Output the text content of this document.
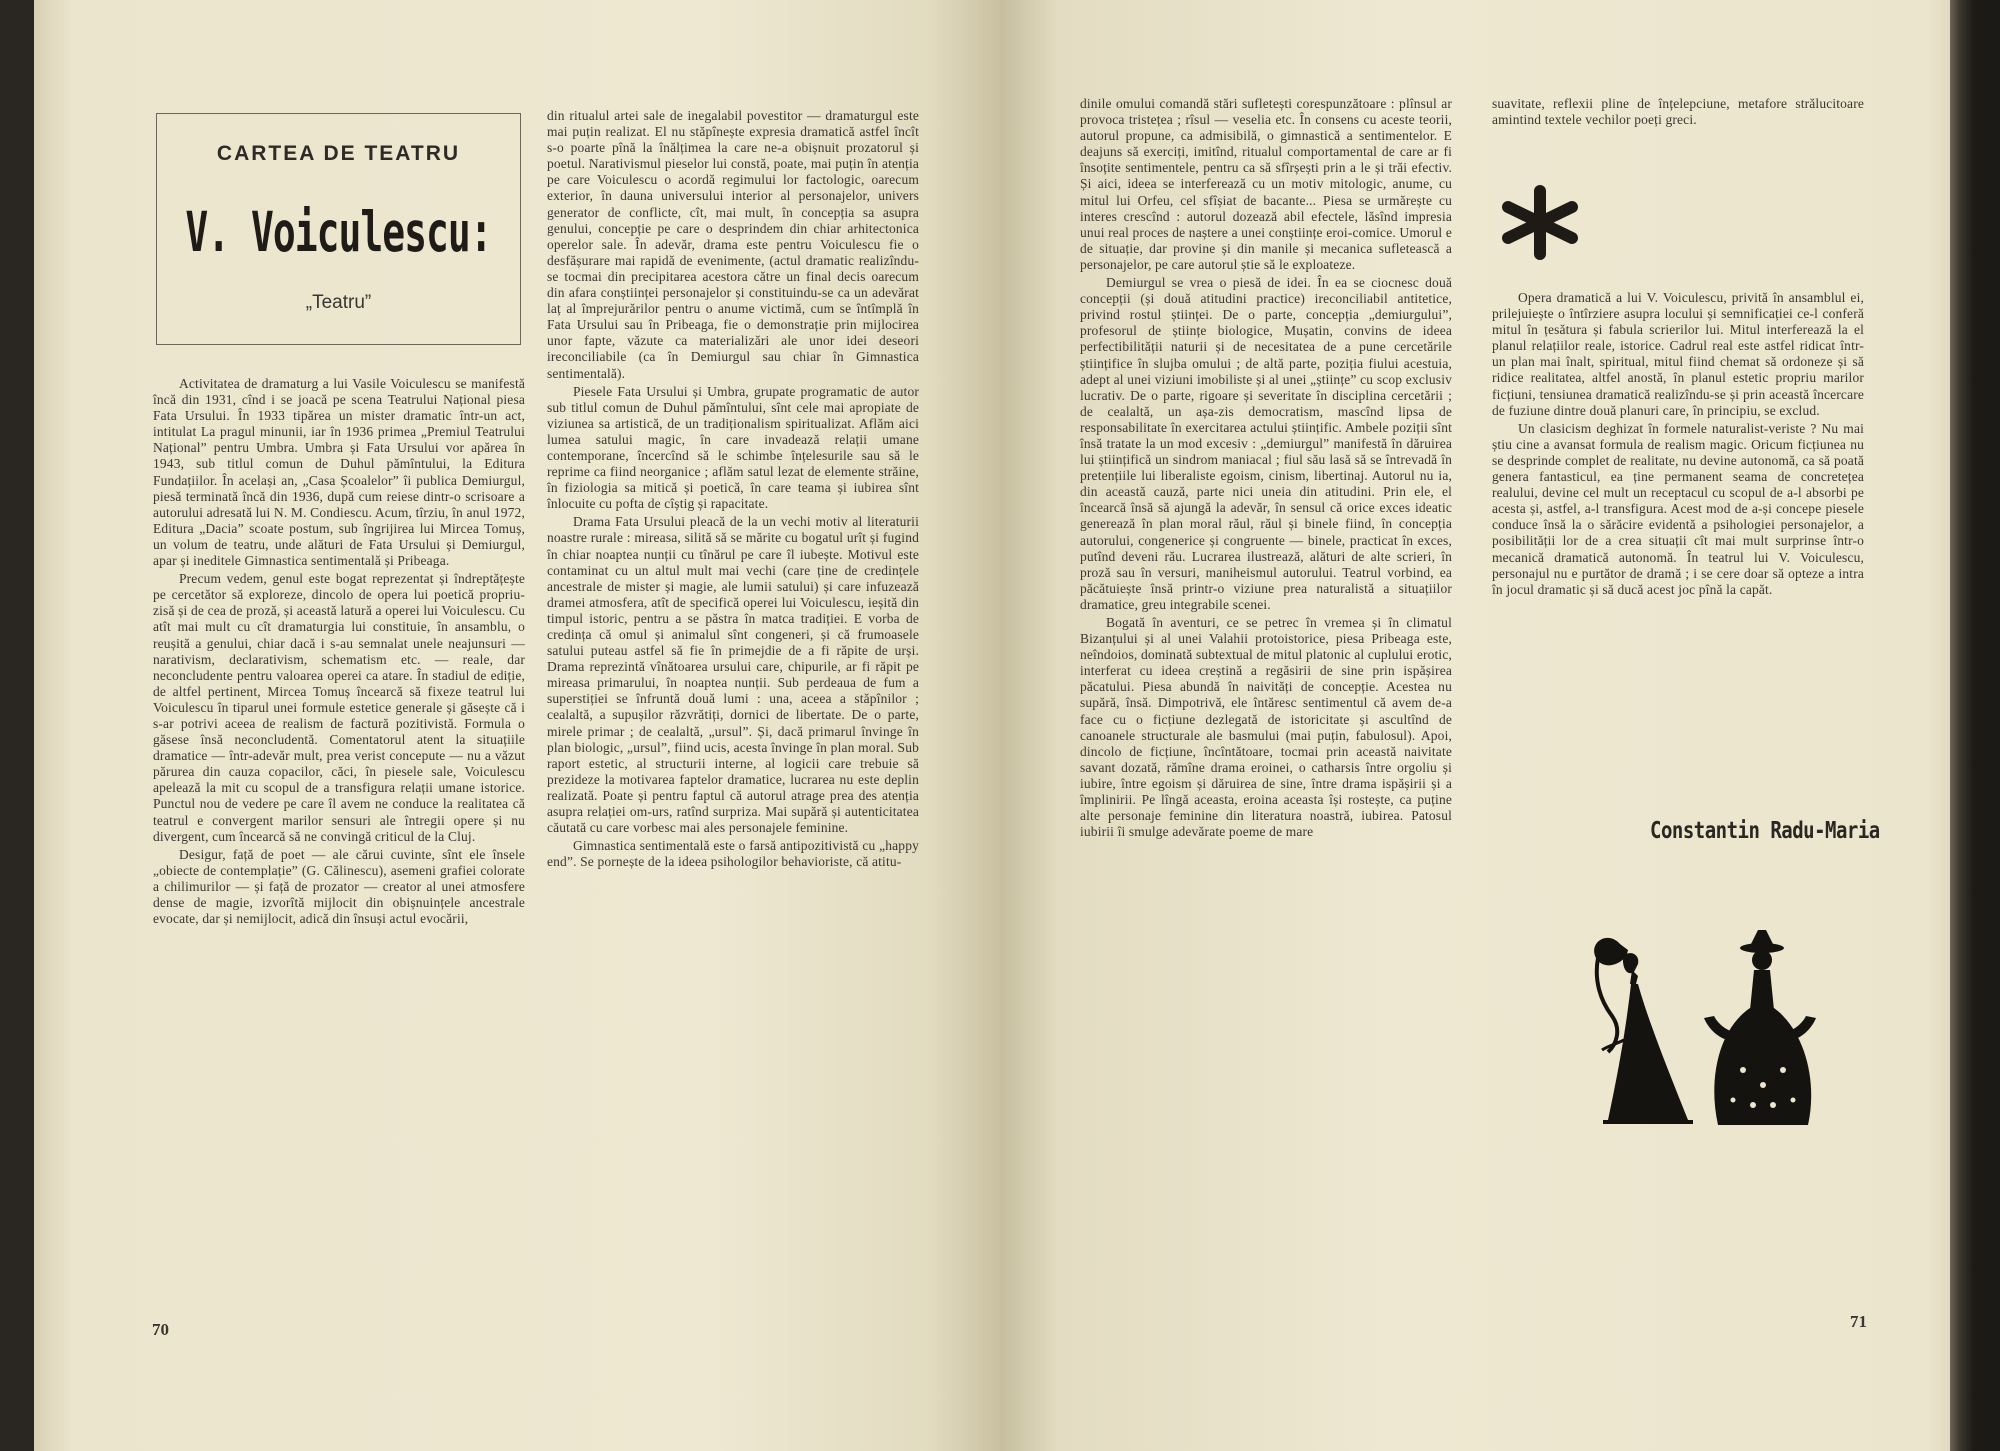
CARTEA DE TEATRU
V. Voiculescu:
„Teatru”

Activitatea de dramaturg a lui Vasile Voiculescu se manifestă încă din 1931, cînd i se joacă pe scena Teatrului Național piesa Fata Ursului. În 1933 tipărea un mister dramatic într-un act, intitulat La pragul minunii, iar în 1936 primea „Premiul Teatrului Național” pentru Umbra. Umbra și Fata Ursului vor apărea în 1943, sub titlul comun de Duhul pămîntului, la Editura Fundațiilor. În același an, „Casa Școalelor” îi publica Demiurgul, piesă terminată încă din 1936, după cum reiese dintr-o scrisoare a autorului adresată lui N. M. Condiescu. Acum, tîrziu, în anul 1972, Editura „Dacia” scoate postum, sub îngrijirea lui Mircea Tomuș, un volum de teatru, unde alături de Fata Ursului și Demiurgul, apar și ineditele Gimnastica sentimentală și Pribeaga.

Precum vedem, genul este bogat reprezentat și îndreptățește pe cercetător să exploreze, dincolo de opera lui poetică propriu-zisă și de cea de proză, și această latură a operei lui Voiculescu. Cu atît mai mult cu cît dramaturgia lui constituie, în ansamblu, o reușită a genului, chiar dacă i s-au semnalat unele neajunsuri — narativism, declarativism, schematism etc. — reale, dar neconcludente pentru valoarea operei ca atare. În stadiul de ediție, de altfel pertinent, Mircea Tomuș încearcă să fixeze teatrul lui Voiculescu în tiparul unei formule estetice generale și găsește că i s-ar potrivi aceea de realism de factură pozitivistă. Formula o găsese însă neconcludentă. Comentatorul atent la situațiile dramatice — într-adevăr mult, prea verist concepute — nu a văzut părurea din cauza copacilor, căci, în piesele sale, Voiculescu apelează la mit cu scopul de a transfigura relații umane istorice. Punctul nou de vedere pe care îl avem ne conduce la realitatea că teatrul e convergent marilor sensuri ale întregii opere și nu divergent, cum încearcă să ne convingă criticul de la Cluj.

Desigur, față de poet — ale cărui cuvinte, sînt ele însele „obiecte de contemplație” (G. Călinescu), asemeni grafiei colorate a chilimurilor — și față de prozator — creator al unei atmosfere dense de magie, izvorîtă mijlocit din obișnuințele ancestrale evocate, dar și nemijlocit, adică din însuși actul evocării,

din ritualul artei sale de inegalabil povestitor — dramaturgul este mai puțin realizat. El nu stăpînește expresia dramatică astfel încît s-o poarte pînă la înălțimea la care ne-a obișnuit prozatorul și poetul. Narativismul pieselor lui constă, poate, mai puțin în atenția pe care Voiculescu o acordă regimului lor factologic, oarecum exterior, în dauna universului interior al personajelor, univers generator de conflicte, cît, mai mult, în concepția sa asupra genului, concepție pe care o desprindem din chiar arhitectonica operelor sale. În adevăr, drama este pentru Voiculescu fie o desfășurare mai rapidă de evenimente, (actul dramatic realizîndu-se tocmai din precipitarea acestora către un final decis oarecum din afara conștiinței personajelor și constituindu-se ca un adevărat laț al împrejurărilor pentru o anume victimă, cum se întîmplă în Fata Ursului sau în Pribeaga, fie o demonstrație prin mijlocirea unor fapte, văzute ca materializări ale unor idei deseori ireconciliabile (ca în Demiurgul sau chiar în Gimnastica sentimentală).

Piesele Fata Ursului și Umbra, grupate programatic de autor sub titlul comun de Duhul pămîntului, sînt cele mai apropiate de viziunea sa artistică, de un tradiționalism spiritualizat. Aflăm aici lumea satului magic, în care invadează relații umane contemporane, încercînd să le schimbe înțelesurile sau să le reprime ca fiind neorganice ; aflăm satul lezat de elemente străine, în fiziologia sa mitică și poetică, în care teama și iubirea sînt înlocuite cu pofta de cîștig și rapacitate.

Drama Fata Ursului pleacă de la un vechi motiv al literaturii noastre rurale : mireasa, silită să se mărite cu bogatul urît și fugind în chiar noaptea nunții cu tînărul pe care îl iubește. Motivul este contaminat cu un altul mult mai vechi (care ține de credințele ancestrale de mister și magie, ale lumii satului) și care infuzează dramei atmosfera, atît de specifică operei lui Voiculescu, ieșită din timpul istoric, pentru a se păstra în matca tradiției. E vorba de credința că omul și animalul sînt congeneri, și că frumoasele satului puteau astfel să fie în primejdie de a fi răpite de urși. Drama reprezintă vînătoarea ursului care, chipurile, ar fi răpit pe mireasa primarului, în noaptea nunții. Sub perdeaua de fum a superstiției se înfruntă două lumi : una, aceea a stăpînilor ; cealaltă, a supușilor răzvrătiți, dornici de libertate. De o parte, mirele primar ; de cealaltă, „ursul”. Și, dacă primarul învinge în plan biologic, „ursul”, fiind ucis, acesta învinge în plan moral. Sub raport estetic, al structurii interne, al logicii care trebuie să prezideze la motivarea faptelor dramatice, lucrarea nu este deplin realizată. Poate și pentru faptul că autorul atrage prea des atenția asupra relației om-urs, ratînd surpriza. Mai supără și autenticitatea căutată cu care vorbesc mai ales personajele feminine.

Gimnastica sentimentală este o farsă antipozitivistă cu „happy end”. Se pornește de la ideea psihologilor behavioriste, că atitu-

70

dinile omului comandă stări sufletești corespunzătoare : plînsul ar provoca tristețea ; rîsul — veselia etc. În consens cu aceste teorii, autorul propune, ca admisibilă, o gimnastică a sentimentelor. E deajuns să exerciți, imitînd, ritualul comportamental de care ar fi însoțite sentimentele, pentru ca să sfîrșești prin a le și trăi efectiv. Și aici, ideea se interferează cu un motiv mitologic, anume, cu mitul lui Orfeu, cel sfîșiat de bacante... Piesa se urmărește cu interes crescînd : autorul dozează abil efectele, lăsînd impresia unui real proces de naștere a unei conștiințe eroi-comice. Umorul e de situație, dar provine și din manile și mecanica sufletească a personajelor, pe care autorul știe să le exploateze.

Demiurgul se vrea o piesă de idei. În ea se ciocnesc două concepții (și două atitudini practice) ireconciliabil antitetice, privind rostul științei. De o parte, concepția „demiurgului”, profesorul de științe biologice, Mușatin, convins de ideea perfectibilității naturii și de necesitatea de a pune cercetările științifice în slujba omului ; de altă parte, poziția fiului acestuia, adept al unei viziuni imobiliste și al unei „științe” cu scop exclusiv lucrativ. De o parte, rigoare și severitate în disciplina cercetării ; de cealaltă, un așa-zis democratism, mascînd lipsa de responsabilitate în exercitarea actului științific. Ambele poziții sînt însă tratate la un mod excesiv : „demiurgul” manifestă în dăruirea lui științifică un sindrom maniacal ; fiul său lasă să se întrevadă în pretențiile lui liberaliste egoism, cinism, libertinaj. Autorul nu ia, din această cauză, parte nici uneia din atitudini. Prin ele, el încearcă însă să ajungă la adevăr, în sensul că orice exces ideatic generează în plan moral răul, răul și binele fiind, în concepția autorului, congenerice și congruente — binele, practicat în exces, putînd deveni rău. Lucrarea ilustrează, alături de alte scrieri, în proză sau în versuri, maniheismul autorului. Teatrul vorbind, ea păcătuiește însă printr-o viziune prea naturalistă a situațiilor dramatice, greu integrabile scenei.

Bogată în aventuri, ce se petrec în vremea și în climatul Bizanțului și al unei Valahii protoistorice, piesa Pribeaga este, neîndoios, dominată subtextual de mitul platonic al cuplului erotic, interferat cu ideea creștină a regăsirii de sine prin ispășirea păcatului. Piesa abundă în naivități de concepție. Acestea nu supără, însă. Dimpotrivă, ele întăresc sentimentul că avem de-a face cu o ficțiune dezlegată de istoricitate și ascultînd de canoanele structurale ale basmului (mai puțin, fabulosul). Apoi, dincolo de ficțiune, încîntătoare, tocmai prin această naivitate savant dozată, rămîne drama eroinei, o catharsis între orgoliu și iubire, între egoism și dăruirea de sine, între drama ispășirii și a împlinirii. Pe lîngă aceasta, eroina aceasta își rostește, ca puține alte personaje feminine din literatura noastră, iubirea. Patosul iubirii îi smulge adevărate poeme de mare

suavitate, reflexii pline de înțelepciune, metafore strălucitoare amintind textele vechilor poeți greci.

Opera dramatică a lui V. Voiculescu, privită în ansamblul ei, prilejuiește o întîrziere asupra locului și semnificației ce-l conferă mitul în țesătura și fabula scrierilor lui. Mitul interferează la el planul relațiilor reale, istorice. Cadrul real este astfel ridicat într-un plan mai înalt, spiritual, mitul fiind chemat să ordoneze și să ridice realitatea, altfel anostă, în planul estetic propriu marilor ficțiuni, tensiunea dramatică realizîndu-se și prin această încercare de fuziune dintre două planuri care, în principiu, se exclud.

Un clasicism deghizat în formele naturalist-veriste ? Nu mai știu cine a avansat formula de realism magic. Oricum ficțiunea nu se desprinde complet de realitate, nu devine autonomă, ca să poată genera fantasticul, ea ține permanent seama de concretețea realului, devine cel mult un receptacul cu scopul de a-l absorbi pe acesta și, astfel, a-l transfigura. Acest mod de a-și concepe piesele conduce însă la o sărăcire evidentă a psihologiei personajelor, a posibilității lor de a crea situații cît mai mult surprinse într-o mecanică dramatică autonomă. În teatrul lui V. Voiculescu, personajul nu e purtător de dramă ; i se cere doar să opteze a intra în jocul dramatic și să ducă acest joc pînă la capăt.

Constantin Radu-Maria
71
